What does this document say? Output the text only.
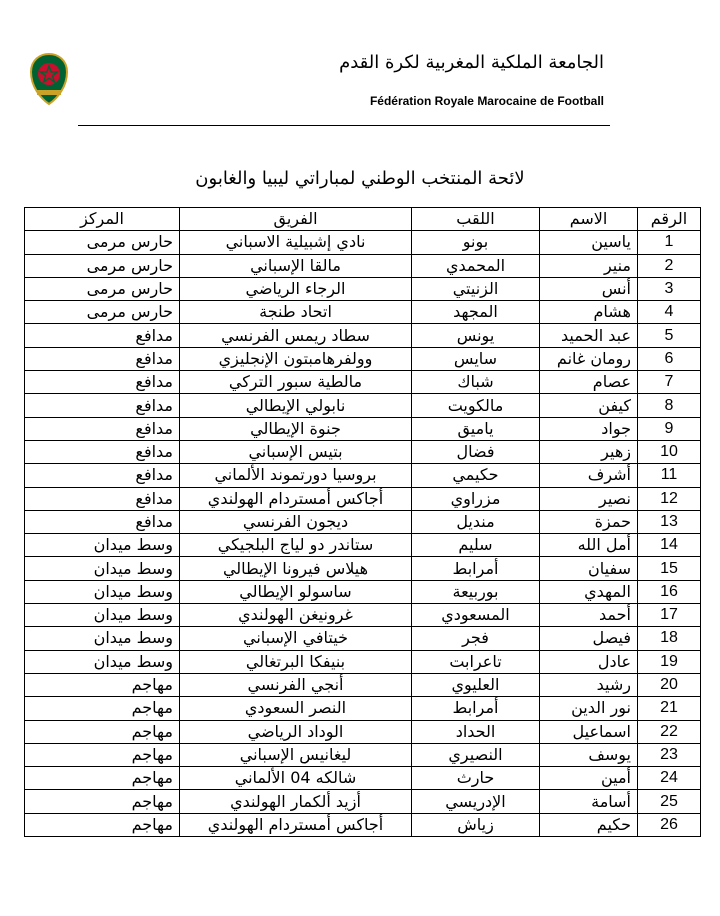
الجامعة الملكية المغربية لكرة القدم
Fédération Royale Marocaine de Football
لائحة المنتخب الوطني لمباراتي ليبيا والغابون
الرقم	الاسم	اللقب	الفريق	المركز
1	ياسين	بونو	نادي إشبيلية الاسباني	حارس مرمى
2	منير	المحمدي	مالقا الإسباني	حارس مرمى
3	أنس	الزنيتي	الرجاء الرياضي	حارس مرمى
4	هشام	المجهد	اتحاد طنجة	حارس مرمى
5	عبد الحميد	يونس	سطاد ريمس الفرنسي	مدافع
6	رومان غانم	سايس	وولفرهامبتون الإنجليزي	مدافع
7	عصام	شباك	مالطية سبور التركي	مدافع
8	كيفن	مالكويت	نابولي الإيطالي	مدافع
9	جواد	ياميق	جنوة الإيطالي	مدافع
10	زهير	فضال	بتيس الإسباني	مدافع
11	أشرف	حكيمي	بروسيا دورتموند الألماني	مدافع
12	نصير	مزراوي	أجاكس أمستردام الهولندي	مدافع
13	حمزة	منديل	ديجون الفرنسي	مدافع
14	أمل الله	سليم	ستاندر دو لياج البلجيكي	وسط ميدان
15	سفيان	أمرابط	هيلاس فيرونا الإيطالي	وسط ميدان
16	المهدي	بوربيعة	ساسولو الإيطالي	وسط ميدان
17	أحمد	المسعودي	غرونيغن الهولندي	وسط ميدان
18	فيصل	فجر	خيتافي الإسباني	وسط ميدان
19	عادل	تاعرابت	بنيفكا البرتغالي	وسط ميدان
20	رشيد	العليوي	أنجي الفرنسي	مهاجم
21	نور الدين	أمرابط	النصر السعودي	مهاجم
22	اسماعيل	الحداد	الوداد الرياضي	مهاجم
23	يوسف	النصيري	ليغانيس الإسباني	مهاجم
24	أمين	حارث	شالكه 04 الألماني	مهاجم
25	أسامة	الإدريسي	أزيد ألكمار الهولندي	مهاجم
26	حكيم	زياش	أجاكس أمستردام الهولندي	مهاجم
